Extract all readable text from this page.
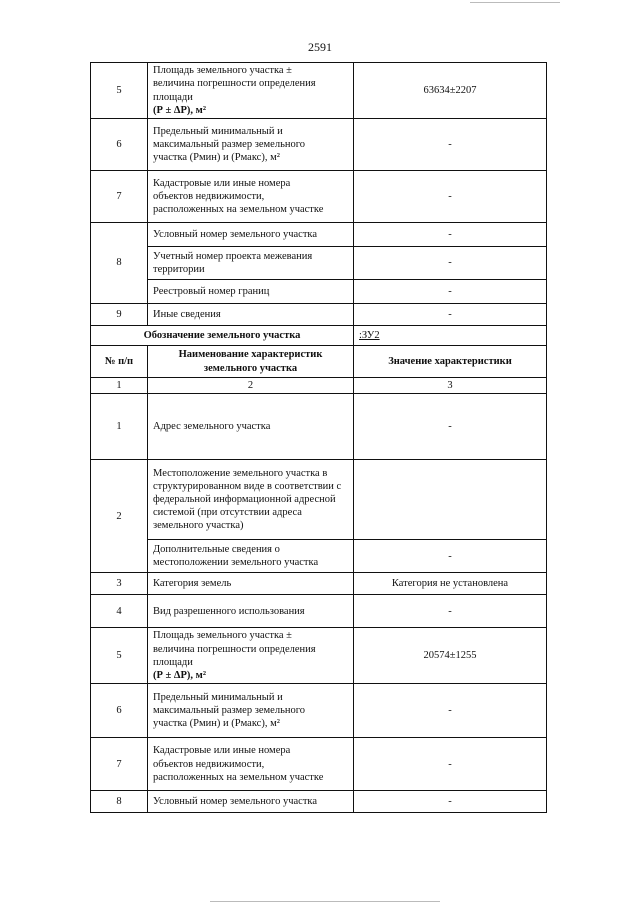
2591
5	Площадь земельного участка ±
величина погрешности определения
площади
(Р ± ΔР), м²	63634±2207
6	Предельный минимальный и
максимальный размер земельного
участка (Рмин) и (Рмакс), м²	-
7	Кадастровые или иные номера
объектов недвижимости,
расположенных на земельном участке	-
8	Условный номер земельного участка	-
	Учетный номер проекта межевания территории	-
	Реестровый номер границ	-
9	Иные сведения	-
Обозначение земельного участка		:ЗУ2
№ п/п	Наименование характеристик земельного участка	Значение характеристики
1	2	3
1	Адрес земельного участка	-
2	Местоположение земельного участка в структурированном виде в соответствии с федеральной информационной адресной системой (при отсутствии адреса земельного участка)	
	Дополнительные сведения о местоположении земельного участка	-
3	Категория земель	Категория не установлена
4	Вид разрешенного использования	-
5	Площадь земельного участка ±
величина погрешности определения
площади
(Р ± ΔР), м²	20574±1255
6	Предельный минимальный и
максимальный размер земельного
участка (Рмин) и (Рмакс), м²	-
7	Кадастровые или иные номера
объектов недвижимости,
расположенных на земельном участке	-
8	Условный номер земельного участка	-
